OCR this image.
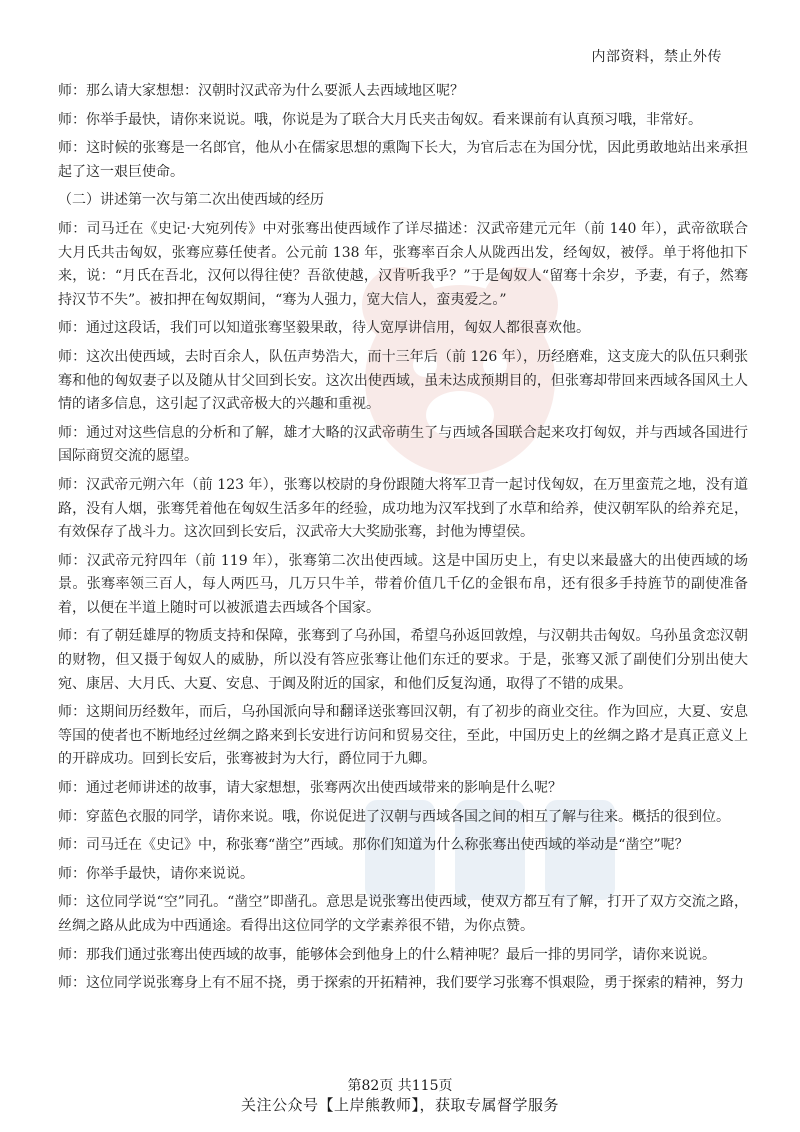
内部资料，禁止外传

师：那么请大家想想：汉朝时汉武帝为什么要派人去西域地区呢？

师：你举手最快，请你来说说。哦，你说是为了联合大月氏夹击匈奴。看来课前有认真预习哦，非常好。

师：这时候的张骞是一名郎官，他从小在儒家思想的熏陶下长大，为官后志在为国分忧，因此勇敢地站出来承担起了这一艰巨使命。

（二）讲述第一次与第二次出使西域的经历

师：司马迁在《史记·大宛列传》中对张骞出使西域作了详尽描述：汉武帝建元元年（前 140 年），武帝欲联合大月氏共击匈奴，张骞应募任使者。公元前 138 年，张骞率百余人从陇西出发，经匈奴，被俘。单于将他扣下来，说：“月氏在吾北，汉何以得往使？吾欲使越，汉肯听我乎？”于是匈奴人“留骞十余岁，予妻，有子，然骞持汉节不失”。被扣押在匈奴期间，“骞为人强力，宽大信人，蛮夷爱之。”

师：通过这段话，我们可以知道张骞坚毅果敢，待人宽厚讲信用，匈奴人都很喜欢他。

师：这次出使西域，去时百余人，队伍声势浩大，而十三年后（前 126 年），历经磨难，这支庞大的队伍只剩张骞和他的匈奴妻子以及随从甘父回到长安。这次出使西域，虽未达成预期目的，但张骞却带回来西域各国风土人情的诸多信息，这引起了汉武帝极大的兴趣和重视。

师：通过对这些信息的分析和了解，雄才大略的汉武帝萌生了与西域各国联合起来攻打匈奴，并与西域各国进行国际商贸交流的愿望。

师：汉武帝元朔六年（前 123 年），张骞以校尉的身份跟随大将军卫青一起讨伐匈奴，在万里蛮荒之地，没有道路，没有人烟，张骞凭着他在匈奴生活多年的经验，成功地为汉军找到了水草和给养，使汉朝军队的给养充足，有效保存了战斗力。这次回到长安后，汉武帝大大奖励张骞，封他为博望侯。

师：汉武帝元狩四年（前 119 年），张骞第二次出使西域。这是中国历史上，有史以来最盛大的出使西域的场景。张骞率领三百人，每人两匹马，几万只牛羊，带着价值几千亿的金银布帛，还有很多手持旌节的副使准备着，以便在半道上随时可以被派遣去西域各个国家。

师：有了朝廷雄厚的物质支持和保障，张骞到了乌孙国，希望乌孙返回敦煌，与汉朝共击匈奴。乌孙虽贪恋汉朝的财物，但又摄于匈奴人的威胁，所以没有答应张骞让他们东迁的要求。于是，张骞又派了副使们分别出使大宛、康居、大月氏、大夏、安息、于阗及附近的国家，和他们反复沟通，取得了不错的成果。

师：这期间历经数年，而后，乌孙国派向导和翻译送张骞回汉朝，有了初步的商业交往。作为回应，大夏、安息等国的使者也不断地经过丝绸之路来到长安进行访问和贸易交往，至此，中国历史上的丝绸之路才是真正意义上的开辟成功。回到长安后，张骞被封为大行，爵位同于九卿。

师：通过老师讲述的故事，请大家想想，张骞两次出使西域带来的影响是什么呢？

师：穿蓝色衣服的同学，请你来说。哦，你说促进了汉朝与西域各国之间的相互了解与往来。概括的很到位。

师：司马迁在《史记》中，称张骞“凿空”西域。那你们知道为什么称张骞出使西域的举动是“凿空”呢？

师：你举手最快，请你来说说。

师：这位同学说“空”同孔。“凿空”即凿孔。意思是说张骞出使西域，使双方都互有了解，打开了双方交流之路，丝绸之路从此成为中西通途。看得出这位同学的文学素养很不错，为你点赞。

师：那我们通过张骞出使西域的故事，能够体会到他身上的什么精神呢？最后一排的男同学，请你来说说。

师：这位同学说张骞身上有不屈不挠，勇于探索的开拓精神，我们要学习张骞不惧艰险，勇于探索的精神，努力

第82页 共115页
关注公众号【上岸熊教师】，获取专属督学服务
